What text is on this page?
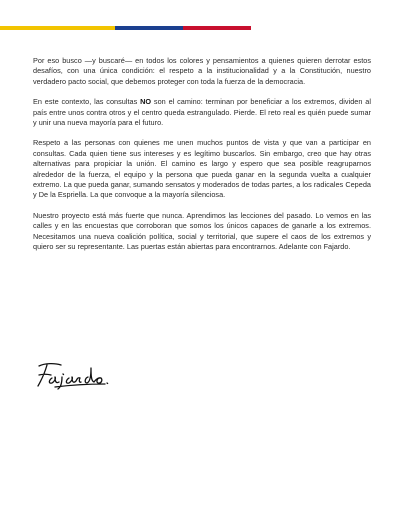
Por eso busco —y buscaré— en todos los colores y pensamientos a quienes quieren derrotar estos desafíos, con una única condición: el respeto a la institucionalidad y a la Constitución, nuestro verdadero pacto social, que debemos proteger con toda la fuerza de la democracia.

En este contexto, las consultas NO son el camino: terminan por beneficiar a los extremos, dividen al país entre unos contra otros y el centro queda estrangulado. Pierde. El reto real es quién puede sumar y unir una nueva mayoría para el futuro.

Respeto a las personas con quienes me unen muchos puntos de vista y que van a participar en consultas. Cada quien tiene sus intereses y es legítimo buscarlos. Sin embargo, creo que hay otras alternativas para propiciar la unión. El camino es largo y espero que sea posible reagruparnos alrededor de la fuerza, el equipo y la persona que pueda ganar en la segunda vuelta a cualquier extremo. La que pueda ganar, sumando sensatos y moderados de todas partes, a los radicales Cepeda y De la Espriella. La que convoque a la mayoría silenciosa.

Nuestro proyecto está más fuerte que nunca. Aprendimos las lecciones del pasado. Lo vemos en las calles y en las encuestas que corroboran que somos los únicos capaces de ganarle a los extremos. Necesitamos una nueva coalición política, social y territorial, que supere el caos de los extremos y quiero ser su representante. Las puertas están abiertas para encontrarnos. Adelante con Fajardo.
